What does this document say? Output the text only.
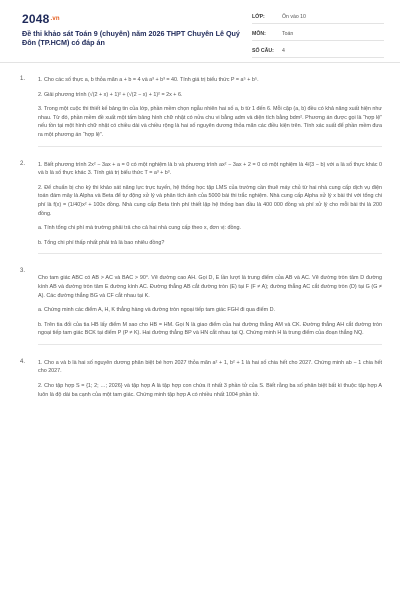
$2048^{.vn}$
Đề thi khảo sát Toán 9 (chuyên) năm 2026 THPT Chuyên Lê Quý Đôn (TP.HCM) có đáp án
LỚP:	Ôn vào 10
MÔN:	Toán
SỐ CÂU:	4
1. 1. Cho các số thực a, b thỏa mãn a + b = 4 và a³ + b³ = 40. Tính giá trị biểu thức P = a⁵ + b⁵.

2. Giải phương trình (√(2 + x) + 1)² + (√(2 − x) + 1)² = 2x + 6.

3. Trong một cuộc thi thiết kế bảng tin của lớp, phần mềm chọn ngẫu nhiên hai số a, b từ 1 đến 6. Mỗi cặp (a, b) đều có khả năng xuất hiện như nhau. Từ đó, phần mềm đề xuất một tấm bảng hình chữ nhật có nửa chu vi bằng adm và diện tích bằng bdm². Phương án được gọi là “hợp lệ” nếu tồn tại một hình chữ nhật có chiều dài và chiều rộng là hai số nguyên dương thỏa mãn các điều kiện trên. Tính xác suất để phần mềm đưa ra một phương án “hợp lệ”.

2. 1. Biết phương trình 2x² − 3ax + a = 0 có một nghiệm là b và phương trình ax² − 3ax + 2 = 0 có một nghiệm là 4/(3 − b) với a là số thực khác 0 và b là số thực khác 3. Tính giá trị biểu thức T = a³ + b³.

2. Để chuẩn bị cho kỳ thi khảo sát năng lực trực tuyến, hệ thống học tập LMS của trường cần thuê máy chủ từ hai nhà cung cấp dịch vụ điện toán đám mây là Alpha và Beta để tự động xử lý và phân tích ảnh của 5000 bài thi trắc nghiệm. Nhà cung cấp Alpha xử lý x bài thì với tổng chi phí là f(x) = (1/40)x² + 100x đồng. Nhà cung cấp Beta tính phí thiết lập hệ thống ban đầu là 400 000 đồng và phí xử lý cho mỗi bài thi là 200 đồng.

a. Tính tổng chi phí mà trường phải trả cho cả hai nhà cung cấp theo x, đơn vị: đồng.

b. Tổng chi phí thấp nhất phải trả là bao nhiêu đồng?

3.

Cho tam giác ABC có AB > AC và BAC > 90°. Vẽ đường cao AH. Gọi D, E lần lượt là trung điểm của AB và AC. Vẽ đường tròn tâm D đường kính AB và đường tròn tâm E đường kính AC. Đường thẳng AB cắt đường tròn (E) tại F (F ≠ A); đường thẳng AC cắt đường tròn (D) tại G (G ≠ A). Các đường thẳng BG và CF cắt nhau tại K.

a. Chứng minh các điểm A, H, K thẳng hàng và đường tròn ngoại tiếp tam giác FGH đi qua điểm D.

b. Trên tia đối của tia HB lấy điểm M sao cho HB = HM. Gọi N là giao điểm của hai đường thẳng AM và CK. Đường thẳng AH cắt đường tròn ngoại tiếp tam giác BCK tại điểm P (P ≠ K). Hai đường thẳng BP và HN cắt nhau tại Q. Chứng minh H là trung điểm của đoạn thẳng NQ.

4. 1. Cho a và b là hai số nguyên dương phân biệt bé hơn 2027 thỏa mãn a² + 1, b² + 1 là hai số chia hết cho 2027. Chứng minh ab − 1 chia hết cho 2027.

2. Cho tập hợp S = {1; 2; …; 2026} và tập hợp A là tập hợp con chứa ít nhất 3 phần tử của S. Biết rằng ba số phân biệt bất kì thuộc tập hợp A luôn là độ dài ba cạnh của một tam giác. Chứng minh tập hợp A có nhiều nhất 1004 phần tử.
